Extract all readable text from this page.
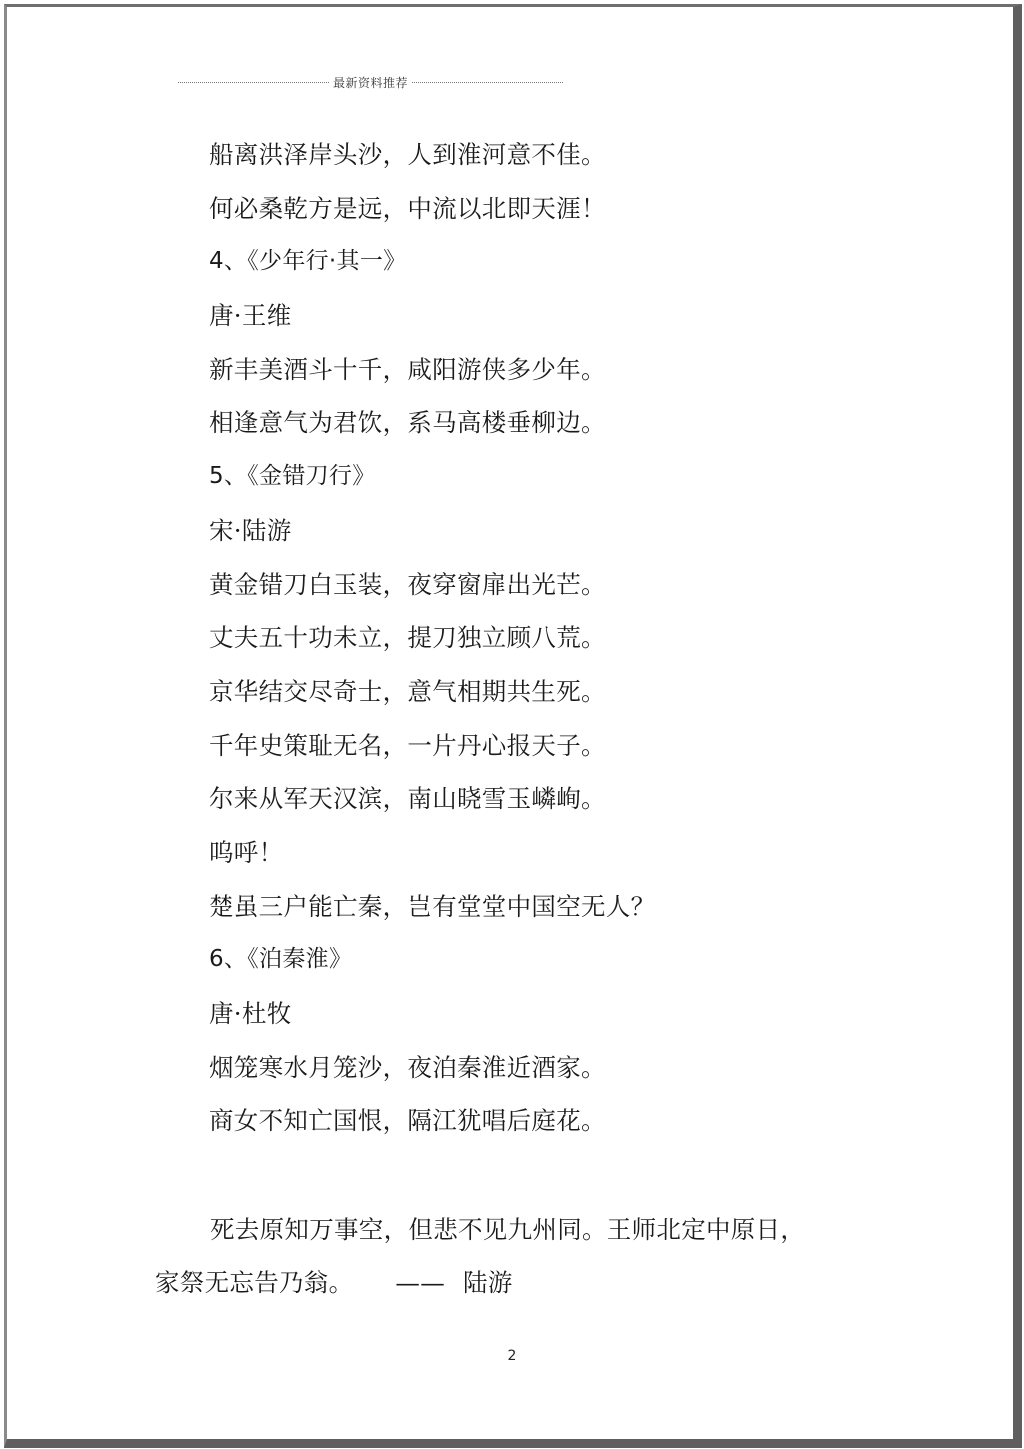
最新资料推荐
船离洪泽岸头沙，人到淮河意不佳。
何必桑乾方是远，中流以北即天涯！
4、《少年行·其一》
唐·王维
新丰美酒斗十千，咸阳游侠多少年。
相逢意气为君饮，系马高楼垂柳边。
5、《金错刀行》
宋·陆游
黄金错刀白玉装，夜穿窗扉出光芒。
丈夫五十功未立，提刀独立顾八荒。
京华结交尽奇士，意气相期共生死。
千年史策耻无名，一片丹心报天子。
尔来从军天汉滨，南山晓雪玉嶙峋。
呜呼！
楚虽三户能亡秦，岂有堂堂中国空无人？
6、《泊秦淮》
唐·杜牧
烟笼寒水月笼沙，夜泊秦淮近酒家。
商女不知亡国恨，隔江犹唱后庭花。
死去原知万事空，但悲不见九州同。王师北定中原日，
家祭无忘告乃翁。 —— 陆游
2
